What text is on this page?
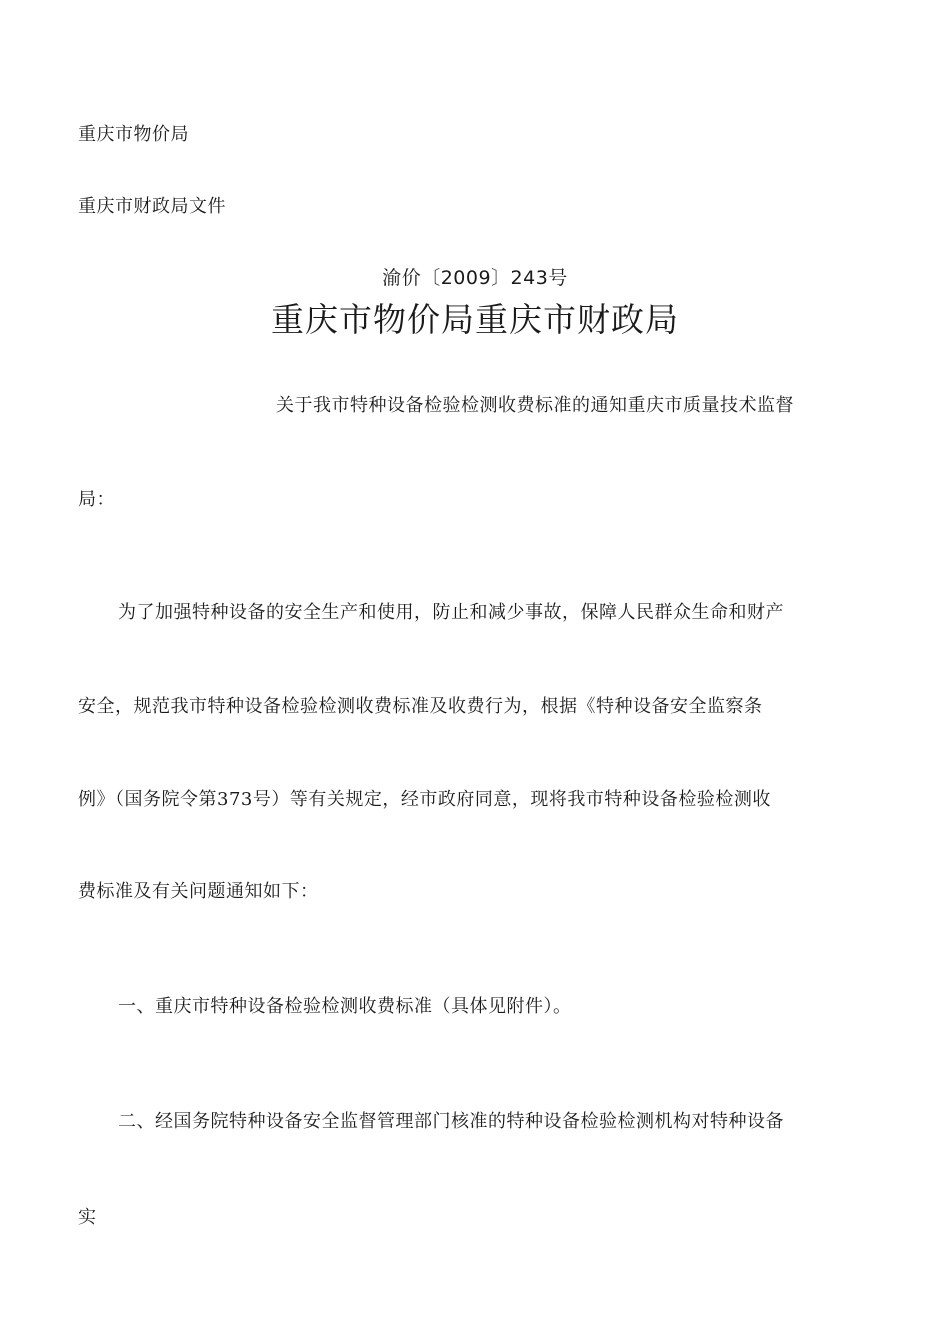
重庆市物价局
重庆市财政局文件
渝价〔2009〕243号
重庆市物价局重庆市财政局
关于我市特种设备检验检测收费标准的通知重庆市质量技术监督
局：
为了加强特种设备的安全生产和使用，防止和减少事故，保障人民群众生命和财产
安全，规范我市特种设备检验检测收费标准及收费行为，根据《特种设备安全监察条
例》（国务院令第373号）等有关规定，经市政府同意，现将我市特种设备检验检测收
费标准及有关问题通知如下：
一、重庆市特种设备检验检测收费标准（具体见附件）。
二、经国务院特种设备安全监督管理部门核准的特种设备检验检测机构对特种设备
实
